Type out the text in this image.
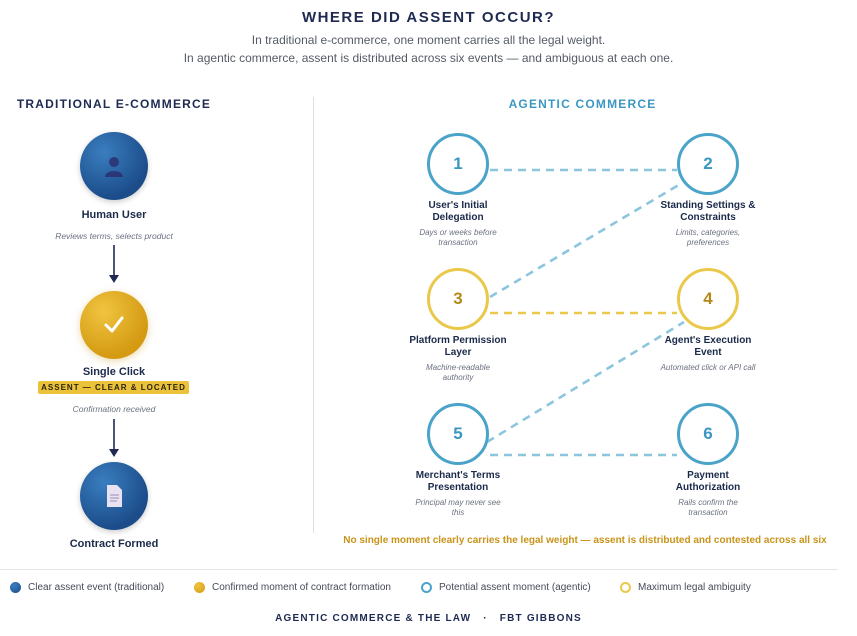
WHERE DID ASSENT OCCUR?
In traditional e-commerce, one moment carries all the legal weight.
In agentic commerce, assent is distributed across six events — and ambiguous at each one.
TRADITIONAL E-COMMERCE	AGENTIC COMMERCE
Human User
Reviews terms, selects product
Single Click
ASSENT — CLEAR & LOCATED
Confirmation received
Contract Formed
1
User's Initial
Delegation
Days or weeks before
transaction
2
Standing Settings &
Constraints
Limits, categories,
preferences
3
Platform Permission
Layer
Machine-readable
authority
4
Agent's Execution
Event
Automated click or API call
5
Merchant's Terms
Presentation
Principal may never see
this
6
Payment
Authorization
Rails confirm the
transaction
No single moment clearly carries the legal weight — assent is distributed and contested across all six
Clear assent event (traditional)	Confirmed moment of contract formation	Potential assent moment (agentic)	Maximum legal ambiguity
AGENTIC COMMERCE & THE LAW · FBT GIBBONS
